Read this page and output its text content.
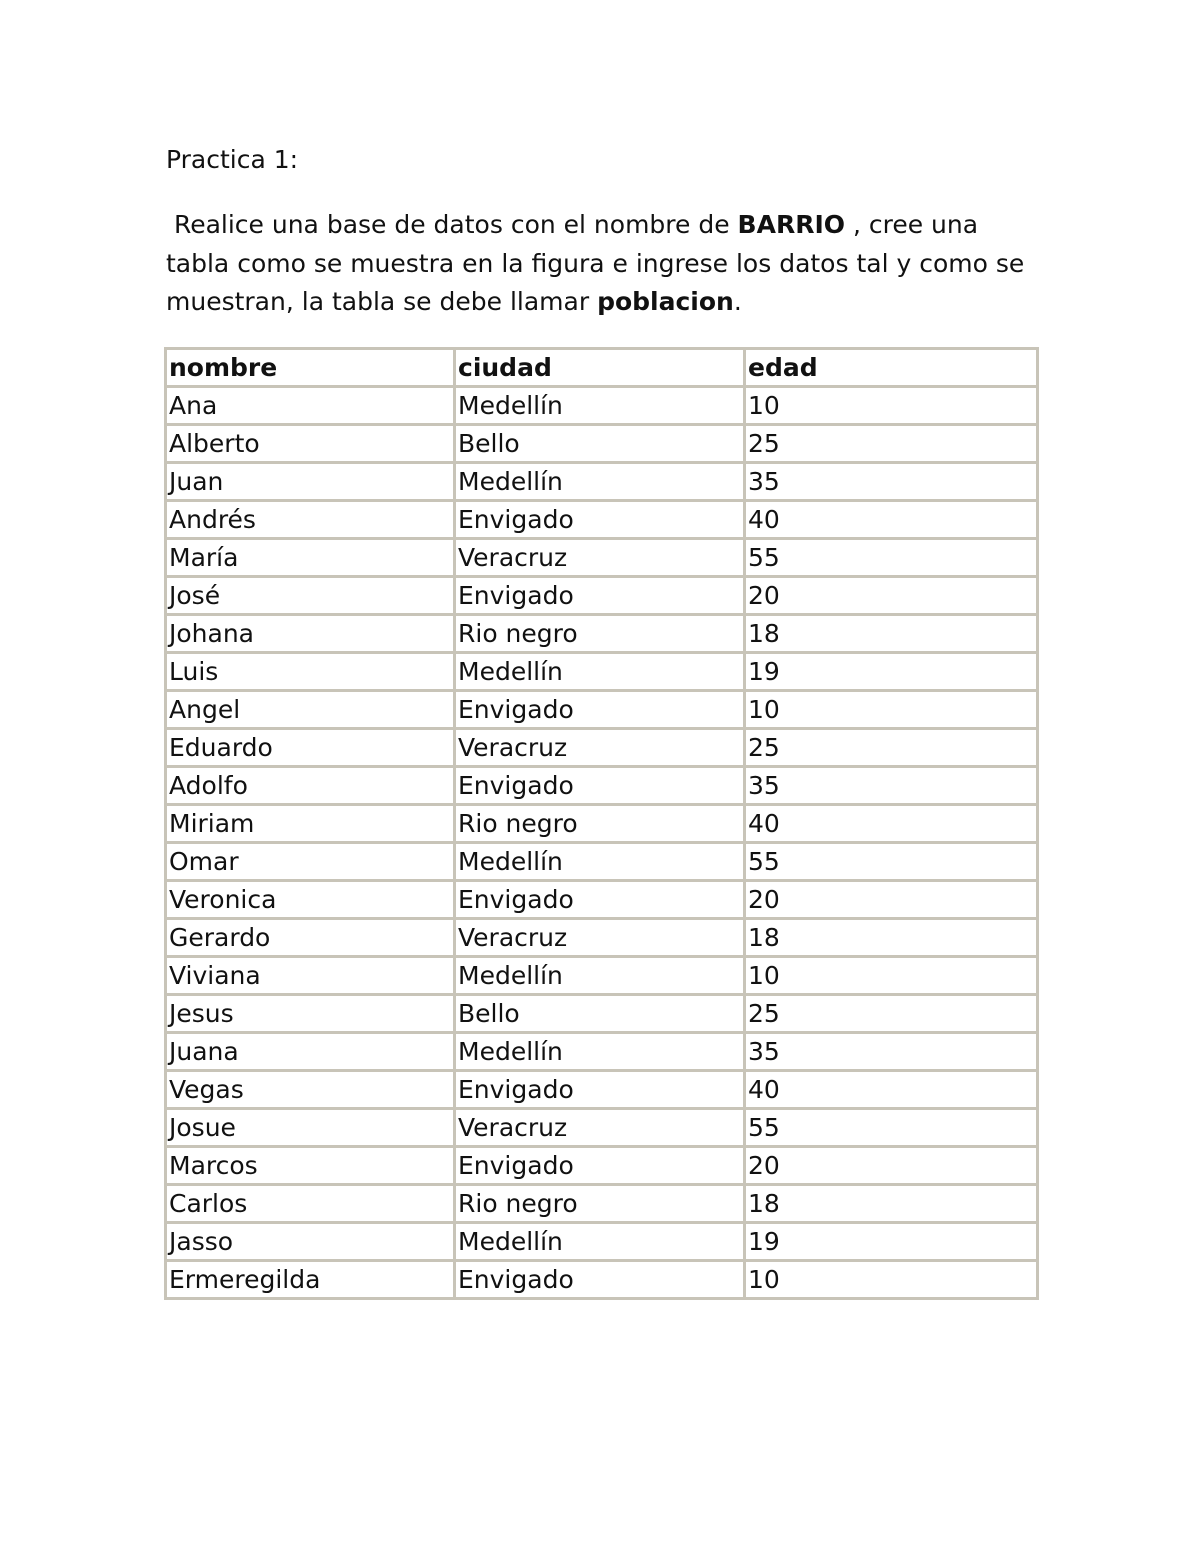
Practica 1:
Realice una base de datos con el nombre de BARRIO , cree una
tabla como se muestra en la figura e ingrese los datos tal y como se
muestran, la tabla se debe llamar poblacion.
nombre	ciudad	edad
Ana	Medellín	10
Alberto	Bello	25
Juan	Medellín	35
Andrés	Envigado	40
María	Veracruz	55
José	Envigado	20
Johana	Rio negro	18
Luis	Medellín	19
Angel	Envigado	10
Eduardo	Veracruz	25
Adolfo	Envigado	35
Miriam	Rio negro	40
Omar	Medellín	55
Veronica	Envigado	20
Gerardo	Veracruz	18
Viviana	Medellín	10
Jesus	Bello	25
Juana	Medellín	35
Vegas	Envigado	40
Josue	Veracruz	55
Marcos	Envigado	20
Carlos	Rio negro	18
Jasso	Medellín	19
Ermeregilda	Envigado	10
